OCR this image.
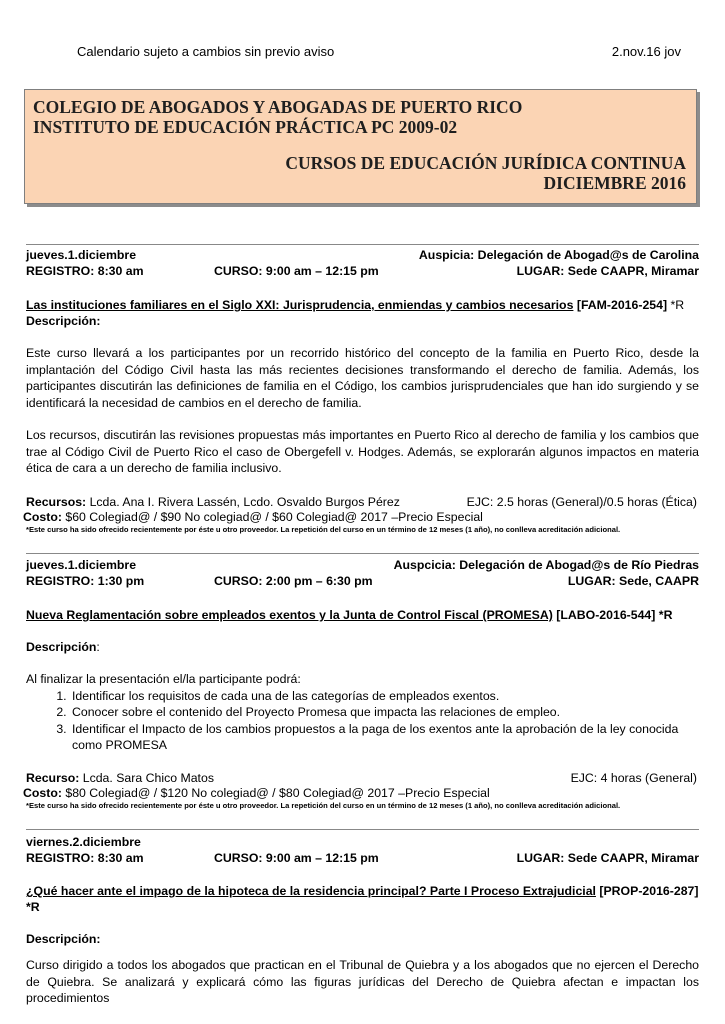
Calendario sujeto a cambios sin previo aviso	2.nov.16 jov
COLEGIO DE ABOGADOS Y ABOGADAS DE PUERTO RICO
INSTITUTO DE EDUCACIÓN PRÁCTICA PC 2009-02
CURSOS DE EDUCACIÓN JURÍDICA CONTINUA
DICIEMBRE 2016
jueves.1.diciembre	Auspicia: Delegación de Abogad@s de Carolina
REGISTRO: 8:30 am	CURSO: 9:00 am – 12:15 pm	LUGAR: Sede CAAPR, Miramar
Las instituciones familiares en el Siglo XXI: Jurisprudencia, enmiendas y cambios necesarios [FAM-2016-254] *R
Descripción:

Este curso llevará a los participantes por un recorrido histórico del concepto de la familia en Puerto Rico, desde la implantación del Código Civil hasta las más recientes decisiones transformando el derecho de familia. Además, los participantes discutirán las definiciones de familia en el Código, los cambios jurisprudenciales que han ido surgiendo y se identificará la necesidad de cambios en el derecho de familia.

Los recursos, discutirán las revisiones propuestas más importantes en Puerto Rico al derecho de familia y los cambios que trae al Código Civil de Puerto Rico el caso de Obergefell v. Hodges. Además, se explorarán algunos impactos en materia ética de cara a un derecho de familia inclusivo.

Recursos: Lcda. Ana I. Rivera Lassén, Lcdo. Osvaldo Burgos Pérez	EJC: 2.5 horas (General)/0.5 horas (Ética)
Costo: $60 Colegiad@ / $90 No colegiad@ / $60 Colegiad@ 2017 –Precio Especial
*Este curso ha sido ofrecido recientemente por éste u otro proveedor. La repetición del curso en un término de 12 meses (1 año), no conlleva acreditación adicional.
jueves.1.diciembre	Auspcicia: Delegación de Abogad@s de Río Piedras
REGISTRO: 1:30 pm	CURSO: 2:00 pm – 6:30 pm	LUGAR: Sede, CAAPR
Nueva Reglamentación sobre empleados exentos y la Junta de Control Fiscal (PROMESA) [LABO-2016-544] *R
Descripción:

Al finalizar la presentación el/la participante podrá:

1. Identificar los requisitos de cada una de las categorías de empleados exentos.
2. Conocer sobre el contenido del Proyecto Promesa que impacta las relaciones de empleo.
3. Identificar el Impacto de los cambios propuestos a la paga de los exentos ante la aprobación de la ley conocida como PROMESA
Recurso: Lcda. Sara Chico Matos	EJC: 4 horas (General)
Costo: $80 Colegiad@ / $120 No colegiad@ / $80 Colegiad@ 2017 –Precio Especial
*Este curso ha sido ofrecido recientemente por éste u otro proveedor. La repetición del curso en un término de 12 meses (1 año), no conlleva acreditación adicional.
viernes.2.diciembre
REGISTRO: 8:30 am	CURSO: 9:00 am – 12:15 pm	LUGAR: Sede CAAPR, Miramar
¿Qué hacer ante el impago de la hipoteca de la residencia principal? Parte I Proceso Extrajudicial [PROP-2016-287] *R
Descripción:

Curso dirigido a todos los abogados que practican en el Tribunal de Quiebra y a los abogados que no ejercen el Derecho de Quiebra. Se analizará y explicará cómo las figuras jurídicas del Derecho de Quiebra afectan e impactan los procedimientos
